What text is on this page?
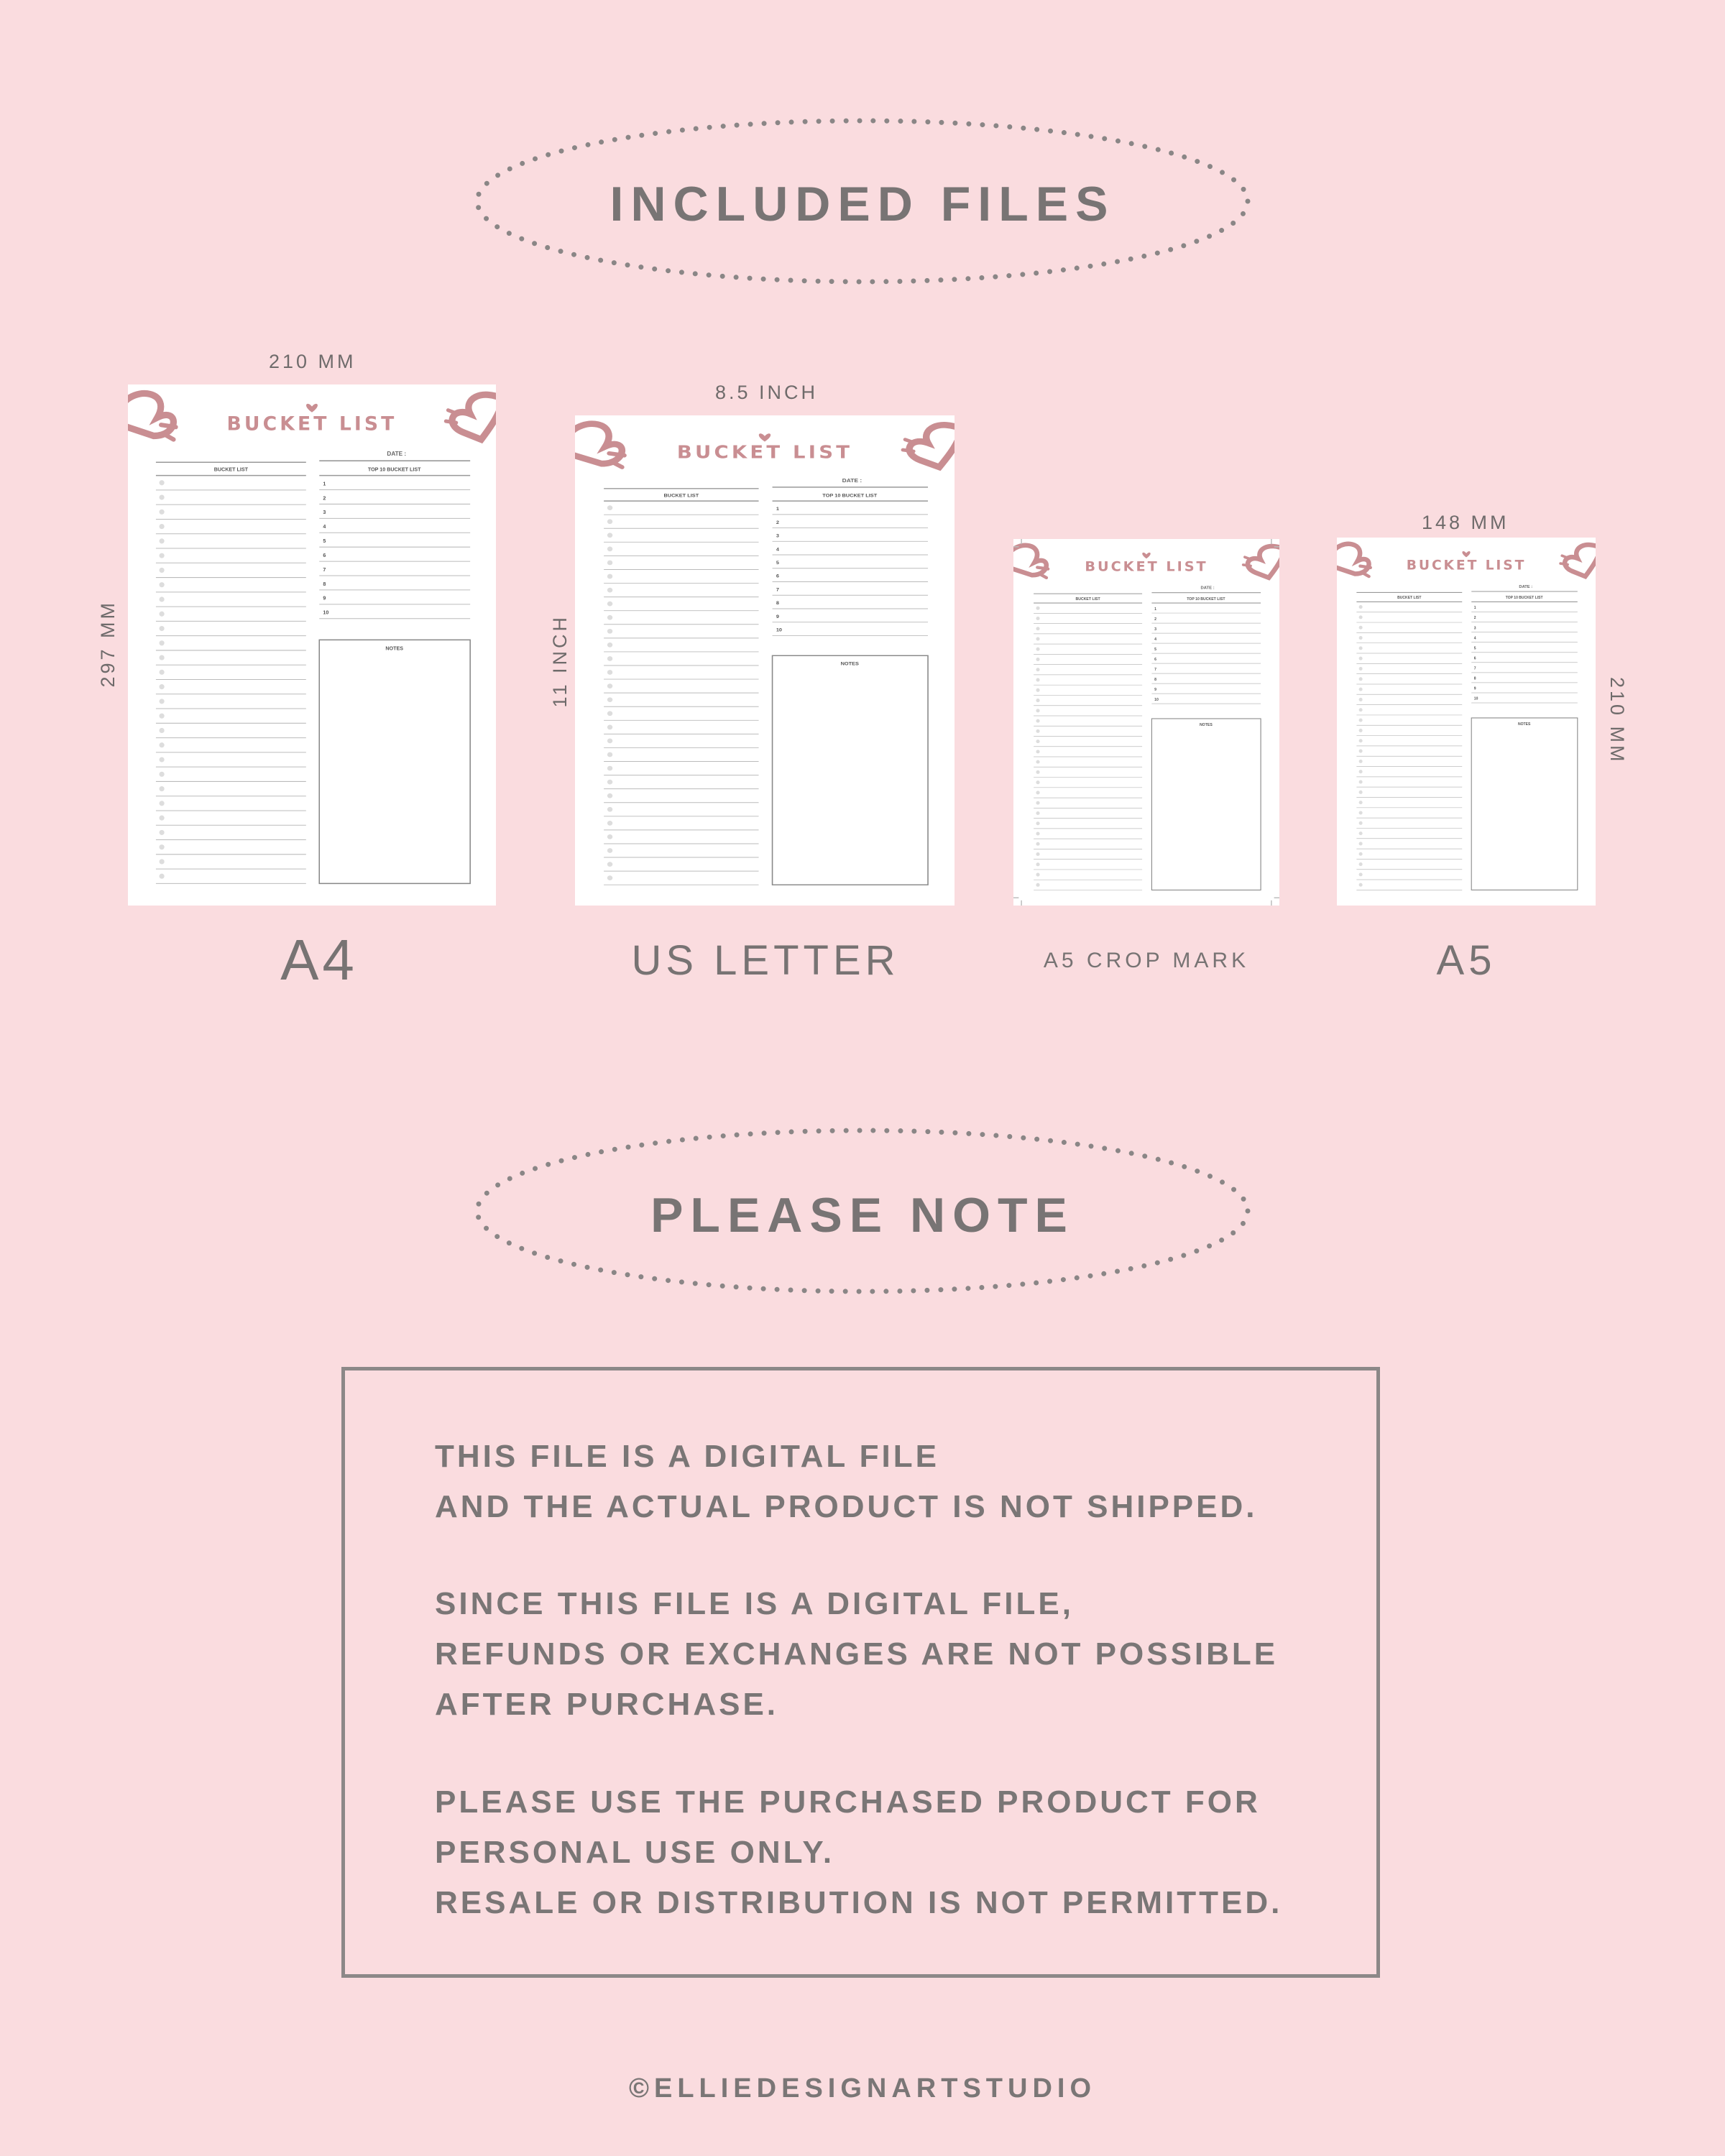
INCLUDED FILES
210 MM
297 MM
8.5 INCH
11 INCH
148 MM
210 MM
BUCKET LIST
DATE :
BUCKET LIST	TOP 10 BUCKET LIST
1
2
3
4
5
6
7
8
9
10
NOTES
BUCKET LIST
DATE :
BUCKET LIST	TOP 10 BUCKET LIST
1
2
3
4
5
6
7
8
9
10
NOTES
BUCKET LIST
DATE :
BUCKET LIST	TOP 10 BUCKET LIST
1
2
3
4
5
6
7
8
9
10
NOTES
BUCKET LIST
DATE :
BUCKET LIST	TOP 10 BUCKET LIST
1
2
3
4
5
6
7
8
9
10
NOTES
A4	US LETTER	A5 CROP MARK	A5
PLEASE NOTE
THIS FILE IS A DIGITAL FILE
AND THE ACTUAL PRODUCT IS NOT SHIPPED.
SINCE THIS FILE IS A DIGITAL FILE,
REFUNDS OR EXCHANGES ARE NOT POSSIBLE
AFTER PURCHASE.
PLEASE USE THE PURCHASED PRODUCT FOR
PERSONAL USE ONLY.
RESALE OR DISTRIBUTION IS NOT PERMITTED.
©ELLIEDESIGNARTSTUDIO
